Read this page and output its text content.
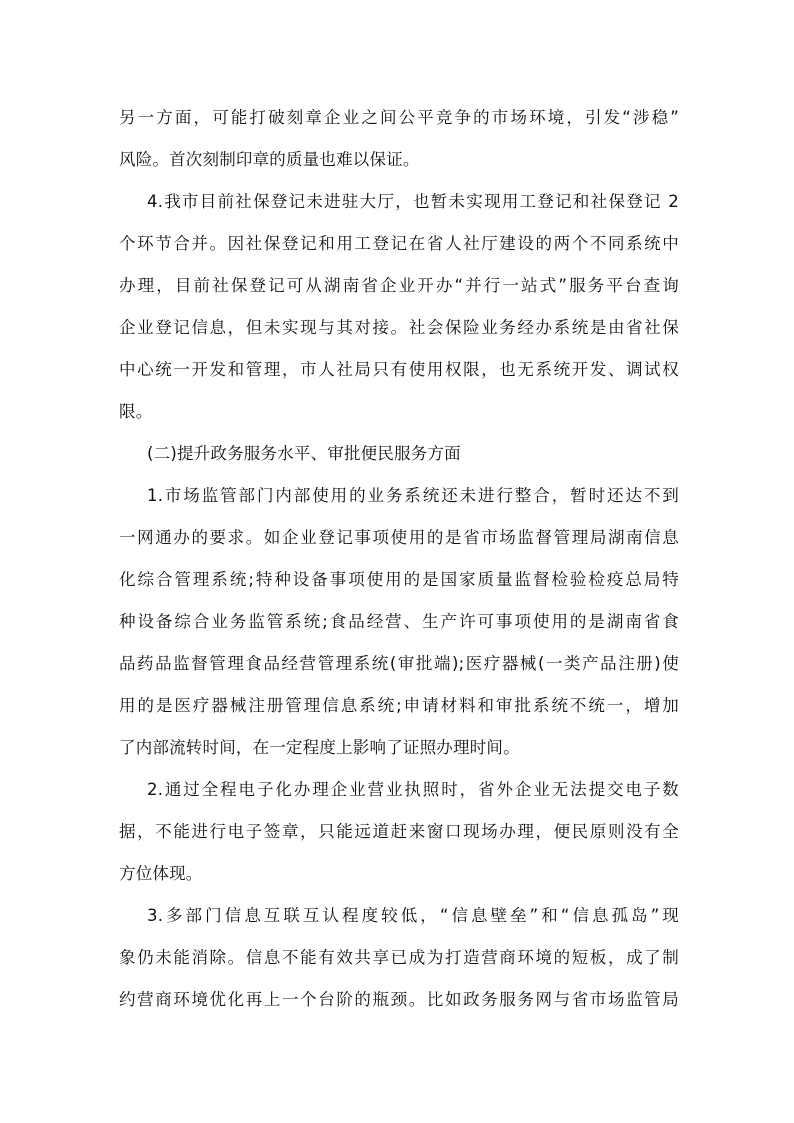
另一方面，可能打破刻章企业之间公平竞争的市场环境，引发“涉稳”
风险。首次刻制印章的质量也难以保证。
4.我市目前社保登记未进驻大厅，也暂未实现用工登记和社保登记 2
个环节合并。因社保登记和用工登记在省人社厅建设的两个不同系统中
办理，目前社保登记可从湖南省企业开办“并行一站式”服务平台查询
企业登记信息，但未实现与其对接。社会保险业务经办系统是由省社保
中心统一开发和管理，市人社局只有使用权限，也无系统开发、调试权
限。
(二)提升政务服务水平、审批便民服务方面
1.市场监管部门内部使用的业务系统还未进行整合，暂时还达不到
一网通办的要求。如企业登记事项使用的是省市场监督管理局湖南信息
化综合管理系统;特种设备事项使用的是国家质量监督检验检疫总局特
种设备综合业务监管系统;食品经营、生产许可事项使用的是湖南省食
品药品监督管理食品经营管理系统(审批端);医疗器械(一类产品注册)使
用的是医疗器械注册管理信息系统;申请材料和审批系统不统一，增加
了内部流转时间，在一定程度上影响了证照办理时间。
2.通过全程电子化办理企业营业执照时，省外企业无法提交电子数
据，不能进行电子签章，只能远道赶来窗口现场办理，便民原则没有全
方位体现。
3.多部门信息互联互认程度较低，“信息壁垒”和“信息孤岛”现
象仍未能消除。信息不能有效共享已成为打造营商环境的短板，成了制
约营商环境优化再上一个台阶的瓶颈。比如政务服务网与省市场监管局
